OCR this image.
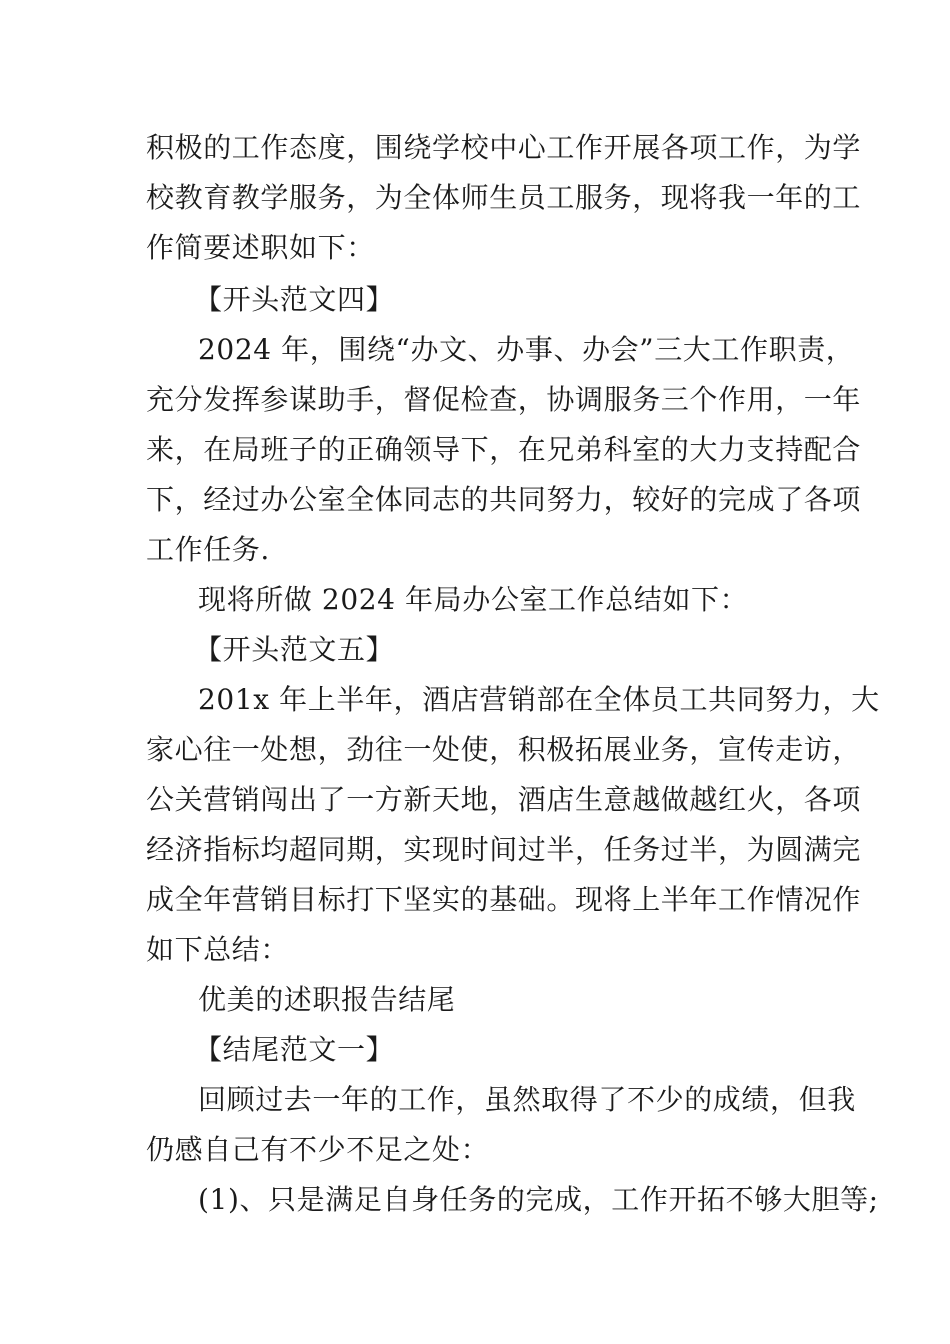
积极的工作态度，围绕学校中心工作开展各项工作，为学
校教育教学服务，为全体师生员工服务，现将我一年的工
作简要述职如下：
【开头范文四】
2024 年，围绕“办文、办事、办会”三大工作职责，
充分发挥参谋助手，督促检查，协调服务三个作用，一年
来，在局班子的正确领导下，在兄弟科室的大力支持配合
下，经过办公室全体同志的共同努力，较好的完成了各项
工作任务.
现将所做 2024 年局办公室工作总结如下：
【开头范文五】
201x 年上半年，酒店营销部在全体员工共同努力，大
家心往一处想，劲往一处使，积极拓展业务，宣传走访，
公关营销闯出了一方新天地，酒店生意越做越红火，各项
经济指标均超同期，实现时间过半，任务过半，为圆满完
成全年营销目标打下坚实的基础。现将上半年工作情况作
如下总结：
优美的述职报告结尾
【结尾范文一】
回顾过去一年的工作，虽然取得了不少的成绩，但我
仍感自己有不少不足之处：
(1)、只是满足自身任务的完成，工作开拓不够大胆等;
